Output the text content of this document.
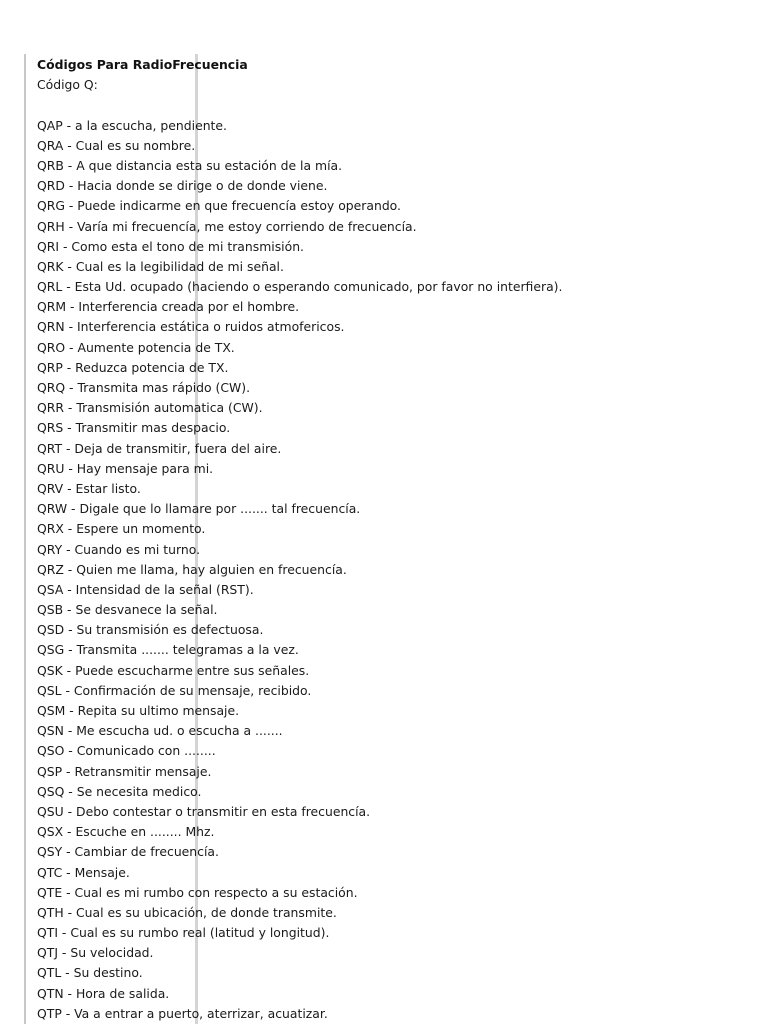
Códigos Para RadioFrecuencia
Código Q:
QAP - a la escucha, pendiente.
QRA - Cual es su nombre.
QRB - A que distancia esta su estación de la mía.
QRD - Hacia donde se dirige o de donde viene.
QRG - Puede indicarme en que frecuencía estoy operando.
QRH - Varía mi frecuencía, me estoy corriendo de frecuencía.
QRI - Como esta el tono de mi transmisión.
QRK - Cual es la legibilidad de mi señal.
QRL - Esta Ud. ocupado (haciendo o esperando comunicado, por favor no interfiera).
QRM - Interferencia creada por el hombre.
QRN - Interferencia estática o ruidos atmofericos.
QRO - Aumente potencia de TX.
QRP - Reduzca potencia de TX.
QRQ - Transmita mas rápido (CW).
QRR - Transmisión automatica (CW).
QRS - Transmitir mas despacio.
QRT - Deja de transmitir, fuera del aire.
QRU - Hay mensaje para mi.
QRV - Estar listo.
QRW - Digale que lo llamare por ....... tal frecuencía.
QRX - Espere un momento.
QRY - Cuando es mi turno.
QRZ - Quien me llama, hay alguien en frecuencía.
QSA - Intensidad de la señal (RST).
QSB - Se desvanece la señal.
QSD - Su transmisión es defectuosa.
QSG - Transmita ....... telegramas a la vez.
QSK - Puede escucharme entre sus señales.
QSL - Confirmación de su mensaje, recibido.
QSM - Repita su ultimo mensaje.
QSN - Me escucha ud. o escucha a .......
QSO - Comunicado con ........
QSP - Retransmitir mensaje.
QSQ - Se necesita medico.
QSU - Debo contestar o transmitir en esta frecuencía.
QSX - Escuche en ........ Mhz.
QSY - Cambiar de frecuencía.
QTC - Mensaje.
QTE - Cual es mi rumbo con respecto a su estación.
QTH - Cual es su ubicación, de donde transmite.
QTI - Cual es su rumbo real (latitud y longitud).
QTJ - Su velocidad.
QTL - Su destino.
QTN - Hora de salida.
QTP - Va a entrar a puerto, aterrizar, acuatizar.
